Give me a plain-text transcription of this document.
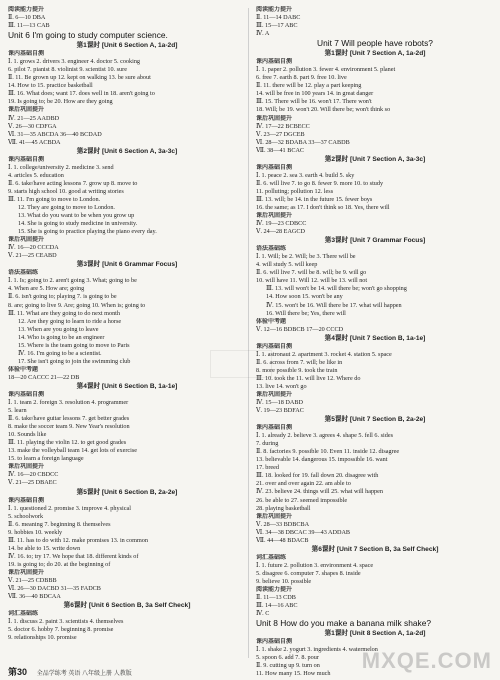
阅读能力提升
Ⅱ. 6—10 DBA
Ⅲ. 11—13 CAB
Unit 6 I'm going to study computer science.
第1课时 [Unit 6 Section A, 1a-2d]
课内基础自测
Ⅰ. 1. grows 2. drivers 3. engineer 4. doctor 5. cooking
6. pilot 7. pianist 8. violinist 9. scientist 10. sure
Ⅱ. 11. Be grown up 12. kept on walking 13. be sure about
14. How to 15. practice basketball
Ⅲ. 16. What does; want 17. does well in 18. aren't going to
19. Is going to; be 20. How are they going
课后巩固提升
Ⅳ. 21—25 AADBD
Ⅴ. 26—30 CDFGA
Ⅵ. 31—35 ABCDA 36—40 BCDAD
Ⅶ. 41—45 ACBDA
第2课时 [Unit 6 Section A, 3a-3c]
课内基础自测
Ⅰ. 1. college/university 2. medicine 3. send
4. articles 5. education
Ⅱ. 6. take/have acting lessons 7. grow up 8. move to
9. starts high school 10. good at writing stories
Ⅲ. 11. I'm going to move to London.
12. They are going to move to London.
13. What do you want to be when you grow up
14. She is going to study medicine in university.
15. She is going to practice playing the piano every day.
课后巩固提升
Ⅳ. 16—20 CCCDA
Ⅴ. 21—25 CEABD
第3课时 [Unit 6 Grammar Focus]
语法基础练
Ⅰ. 1. Is; going to 2. aren't going 3. What; going to be
4. When are 5. How are; going
Ⅱ. 6. isn't going to; playing 7. is going to be
8. are; going to live 9. Are; going 10. When is; going to
Ⅲ. 11. What are they going to do next month
12. Are they going to learn to ride a horse
13. When are you going to leave
14. Who is going to be an engineer
15. Where is the team going to move to Paris
Ⅳ. 16. I'm going to be a scientist.
17. She isn't going to join the swimming club
体验中考题
18—20 CACCC 21—22 DB
第4课时 [Unit 6 Section B, 1a-1e]
课内基础自测
Ⅰ. 1. team 2. foreign 3. resolution 4. programmer
5. learn
Ⅱ. 6. take/have guitar lessons 7. get better grades
8. make the soccer team 9. New Year's resolution
10. Sounds like
Ⅲ. 11. playing the violin 12. to get good grades
13. make the volleyball team 14. get lots of exercise
15. to learn a foreign language
课后巩固提升
Ⅳ. 16—20 CBDCC
Ⅴ. 21—25 DBAEC
第5课时 [Unit 6 Section B, 2a-2e]
课内基础自测
Ⅰ. 1. questioned 2. promise 3. improve 4. physical
5. schoolwork
Ⅱ. 6. meaning 7. beginning 8. themselves
9. hobbies 10. weekly
Ⅲ. 11. has to do with 12. make promises 13. in common
14. be able to 15. write down
Ⅳ. 16. to; try 17. We hope that 18. different kinds of
19. is going to; do 20. at the beginning of
课后巩固提升
Ⅴ. 21—25 CDBBB
Ⅵ. 26—30 DACBD 31—35 FADCB
Ⅶ. 36—40 BDCAA
第6课时 [Unit 6 Section B, 3a Self Check]
词汇基础练
Ⅰ. 1. discuss 2. paint 3. scientists 4. themselves
5. doctor 6. hobby 7. beginning 8. promise
9. relationships 10. promise
阅读能力提升
Ⅱ. 11—14 DABC
Ⅲ. 15—17 ABC
Ⅳ. A
Unit 7 Will people have robots?
第1课时 [Unit 7 Section A, 1a-2d]
课内基础自测
Ⅰ. 1. paper 2. pollution 3. fewer 4. environment 5. planet
6. free 7. earth 8. part 9. free 10. live
Ⅱ. 11. there will be 12. play a part keeping
14. will be free in 100 years 14. in great danger
Ⅲ. 15. There will be 16. won't 17. There won't
18. Will; be 19. won't 20. Will there be; won't think so
课后巩固提升
Ⅳ. 17—22 BCBECC
Ⅴ. 23—27 DGCEB
Ⅵ. 28—32 BDABA 33—37 CABDB
Ⅶ. 38—41 BCAC
第2课时 [Unit 7 Section A, 3a-3c]
课内基础自测
Ⅰ. 1. peace 2. sea 3. earth 4. build 5. sky
Ⅱ. 6. will live 7. to go 8. fewer 9. more 10. to study
11. polluting; pollution 12. less
Ⅲ. 13. will; be 14. in the future 15. fewer boys
16. the same; as 17. I don't think so 18. Yes, there will
课后巩固提升
Ⅳ. 19—23 CDBCC
Ⅴ. 24—28 EAGCD
第3课时 [Unit 7 Grammar Focus]
语法基础练
Ⅰ. 1. Will; be 2. Will; be 3. There will be
4. will study 5. will keep
Ⅱ. 6. will live 7. will be 8. will; be 9. will go
10. will have 11. Will 12. will be 13. will not
Ⅲ. 13. will won't be 14. will there be; won't go shopping
14. How soon 15. won't be any
Ⅳ. 15. won't be 16. Will there be 17. what will happen
16. Will there be; Yes, there will
体验中考题
Ⅴ. 12—16 BDBCB 17—20 CCCD
第4课时 [Unit 7 Section B, 1a-1e]
课内基础自测
Ⅰ. 1. astronaut 2. apartment 3. rocket 4. station 5. space
Ⅱ. 6. across from 7. will; be like in
8. more possible 9. took the train
Ⅲ. 10. took the 11. will live 12. Where do
13. live 14. won't go
课后巩固提升
Ⅳ. 15—18 DABD
Ⅴ. 19—23 BDFAC
第5课时 [Unit 7 Section B, 2a-2e]
课内基础自测
Ⅰ. 1. already 2. believe 3. agrees 4. shape 5. fell 6. sides
7. during
Ⅱ. 8. factories 9. possible 10. Even 11. inside 12. disagree
13. believable 14. dangerous 15. impossible 16. want
17. breed
Ⅲ. 18. looked for 19. fall down 20. disagree with
21. over and over again 22. am able to
Ⅳ. 23. believe 24. things will 25. what will happen
26. be able to 27. seemed impossible
28. playing basketball
课后巩固提升
Ⅴ. 28—33 BDBCBA
Ⅵ. 34—38 DBCAC 39—43 ADDAB
Ⅶ. 44—48 BDACB
第6课时 [Unit 7 Section B, 3a Self Check]
词汇基础练
Ⅰ. 1. future 2. pollution 3. environment 4. space
5. disagree 6. computer 7. shapes 8. inside
9. believe 10. possible
阅读能力提升
Ⅱ. 11—13 CDB
Ⅲ. 14—16 ABC
Ⅳ. C
Unit 8 How do you make a banana milk shake?
第1课时 [Unit 8 Section A, 1a-2d]
课内基础自测
Ⅰ. 1. shake 2. yogurt 3. ingredients 4. watermelon
5. spoon 6. add 7. 8. pour
Ⅱ. 9. cutting up 9. turn on
11. How many 15. How much
第30 全品学练考 英语 八年级上册 人教版
MXQE.COM
